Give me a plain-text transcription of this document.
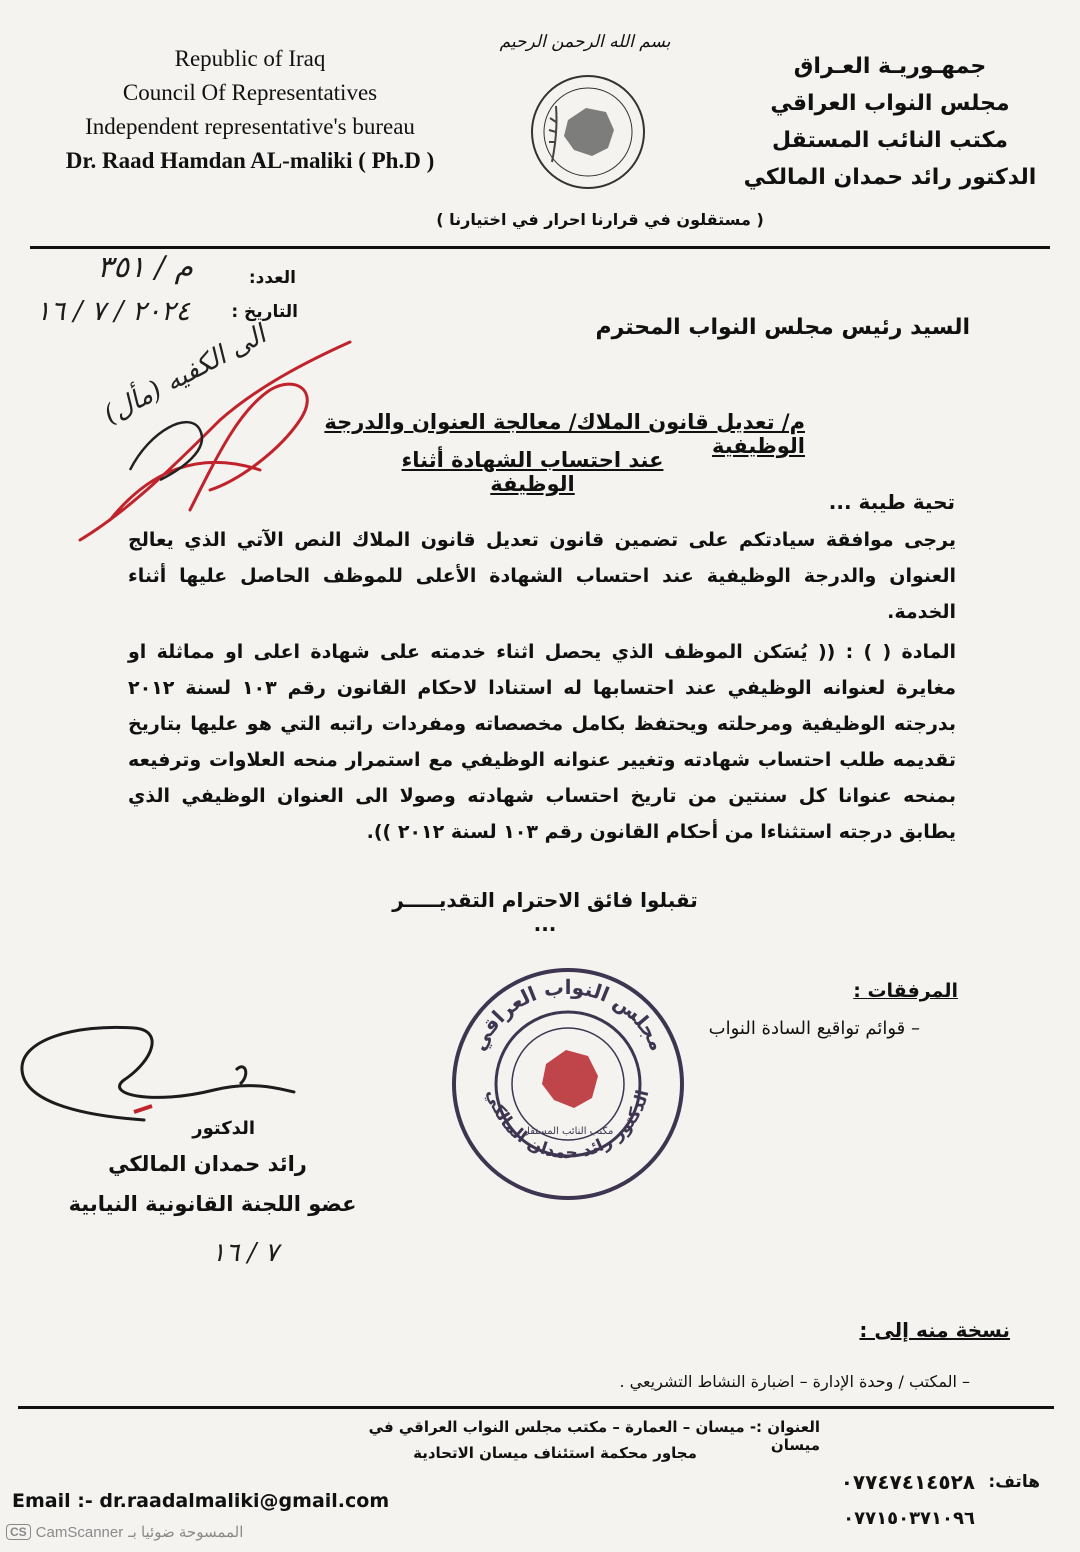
Republic of Iraq
Council Of Representatives
Independent representative's bureau
Dr. Raad Hamdan AL-maliki ( Ph.D )
جمهـوريـة العـراق
مجلس النواب العراقي
مكتب النائب المستقل
الدكتور رائد حمدان المالكي
بسم الله الرحمن الرحيم
( مستقلون في قرارنا احرار في اختيارنا )
العدد:
م / ٣٥١
التاريخ :
٢٠٢٤ / ٧ / ١٦
السيد رئيس مجلس النواب المحترم
الى الكفيه (مأل)	م/ تعديل قانون الملاك/ معالجة العنوان والدرجة الوظيفية
عند احتساب الشهادة أثناء الوظيفة
تحية طيبة ...
يرجى موافقة سيادتكم على تضمين قانون تعديل قانون الملاك النص الآتي الذي يعالج العنوان والدرجة الوظيفية عند احتساب الشهادة الأعلى للموظف الحاصل عليها أثناء الخدمة.
المادة ( ) : (( يُسَكن الموظف الذي يحصل اثناء خدمته على شهادة اعلى او مماثلة او مغايرة لعنوانه الوظيفي عند احتسابها له استنادا لاحكام القانون رقم ١٠٣ لسنة ٢٠١٢ بدرجته الوظيفية ومرحلته ويحتفظ بكامل مخصصاته ومفردات راتبه التي هو عليها بتاريخ تقديمه طلب احتساب شهادته وتغيير عنوانه الوظيفي مع استمرار منحه العلاوات وترفيعه بمنحه عنوانا كل سنتين من تاريخ احتساب شهادته وصولا الى العنوان الوظيفي الذي يطابق درجته استثناءا من أحكام القانون رقم ١٠٣ لسنة ٢٠١٢ )).
تقبلوا فائق الاحترام التقديـــــر ...
مجلس النواب العراقي
الدكتور رائد حمدان المالكي
مكتب النائب المستقل
المرفقات :
– قوائم تواقيع السادة النواب
الدكتور
رائد حمدان المالكي
عضو اللجنة القانونية النيابية
٧ / ١٦
نسخة منه إلى :
– المكتب / وحدة الإدارة – اضبارة النشاط التشريعي .
العنوان :- ميسان – العمارة – مكتب مجلس النواب العراقي في ميسان
مجاور محكمة استئناف ميسان الاتحادية
هاتف:
٠٧٧٤٧٤١٤٥٢٨
٠٧٧١٥٠٣٧١٠٩٦
Email :- dr.raadalmaliki@gmail.com
CS CamScanner الممسوحة ضوئيا بـ
